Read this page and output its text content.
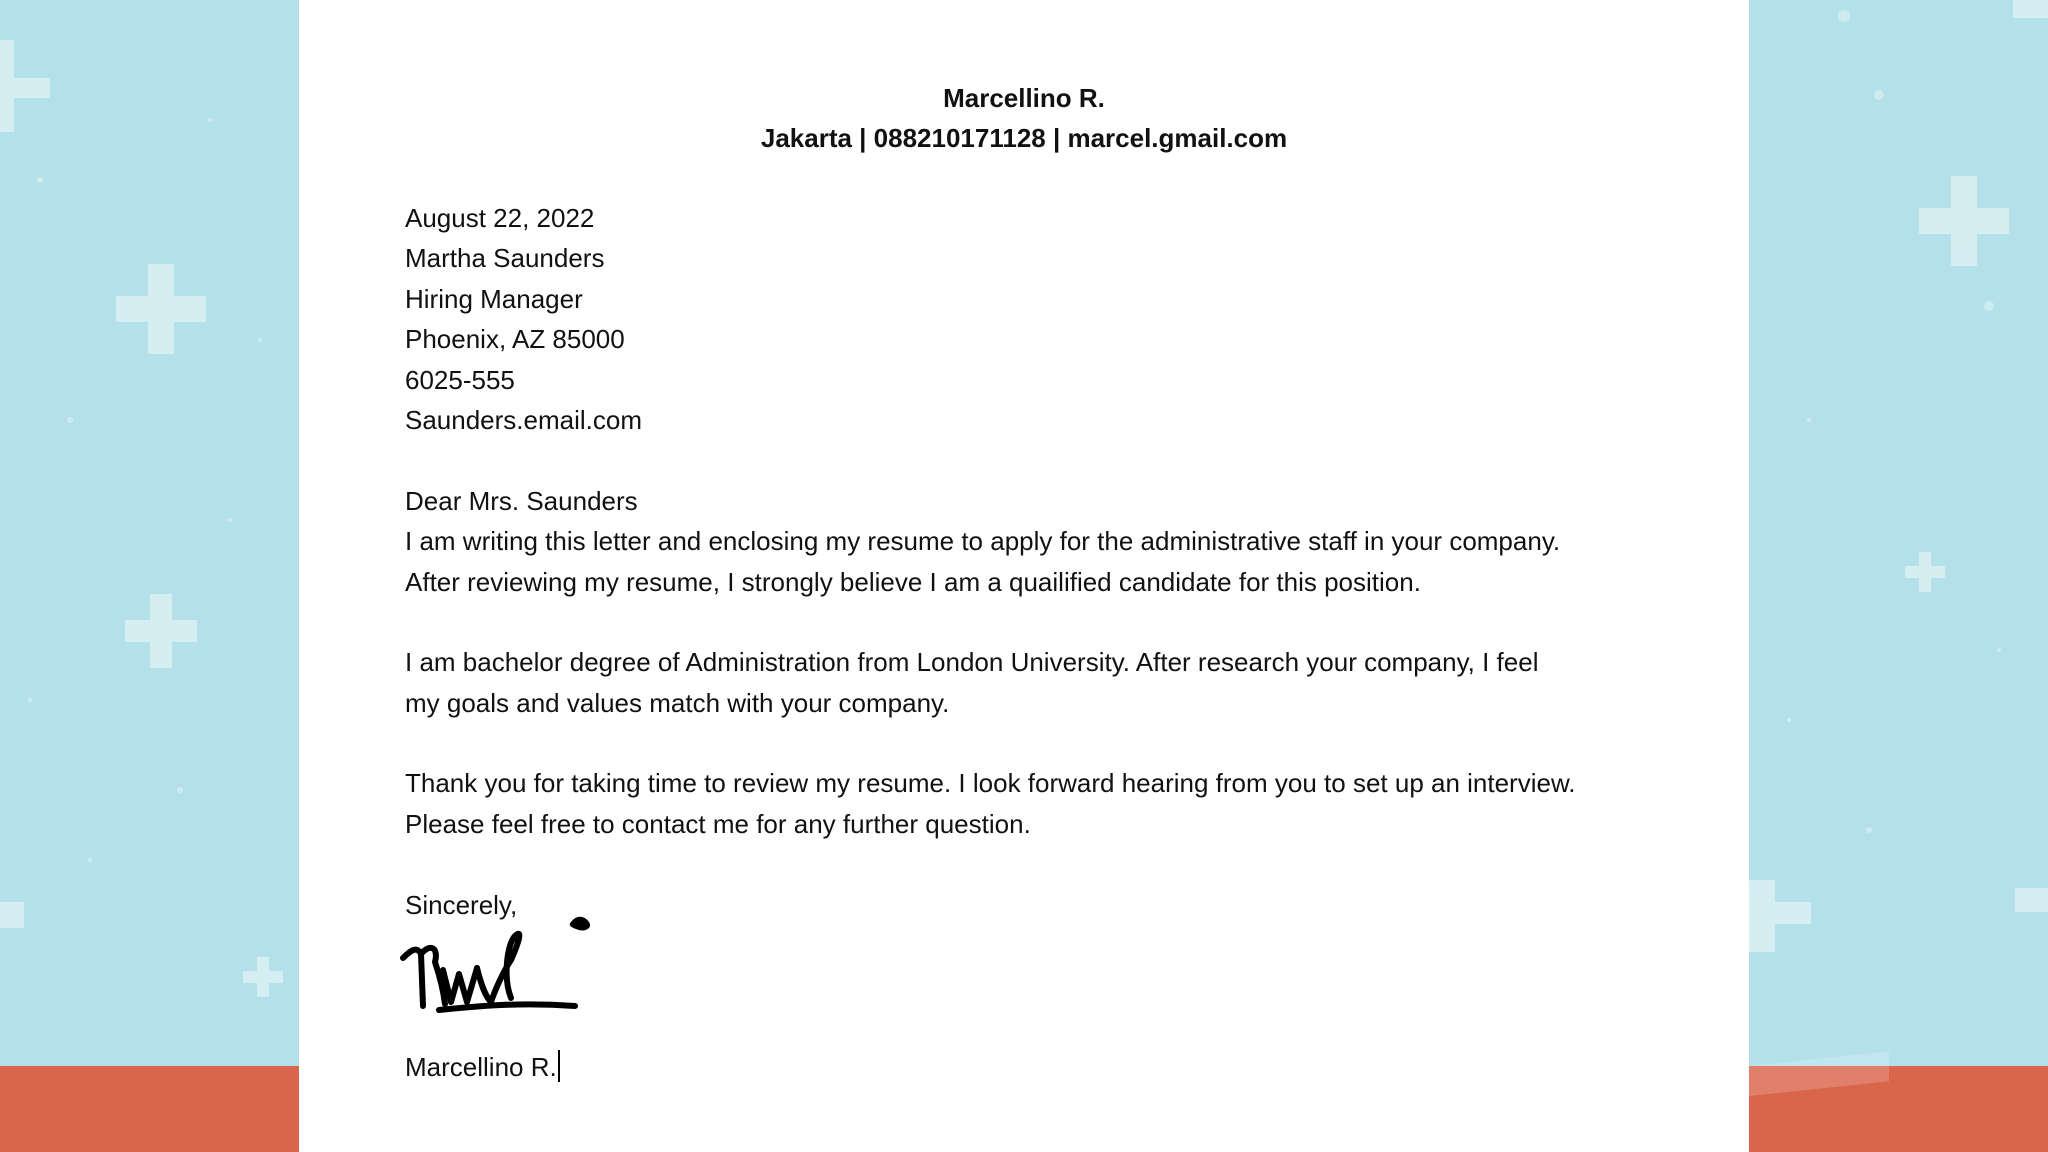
Marcellino R.
Jakarta | 088210171128 | marcel.gmail.com
August 22, 2022
Martha Saunders
Hiring Manager
Phoenix, AZ 85000
6025-555
Saunders.email.com
Dear Mrs. Saunders
I am writing this letter and enclosing my resume to apply for the administrative staff in your company.
After reviewing my resume, I strongly believe I am a quailified candidate for this position.
I am bachelor degree of Administration from London University. After research your company, I feel
my goals and values match with your company.
Thank you for taking time to review my resume. I look forward hearing from you to set up an interview.
Please feel free to contact me for any further question.
Sincerely,
Marcellino R.
